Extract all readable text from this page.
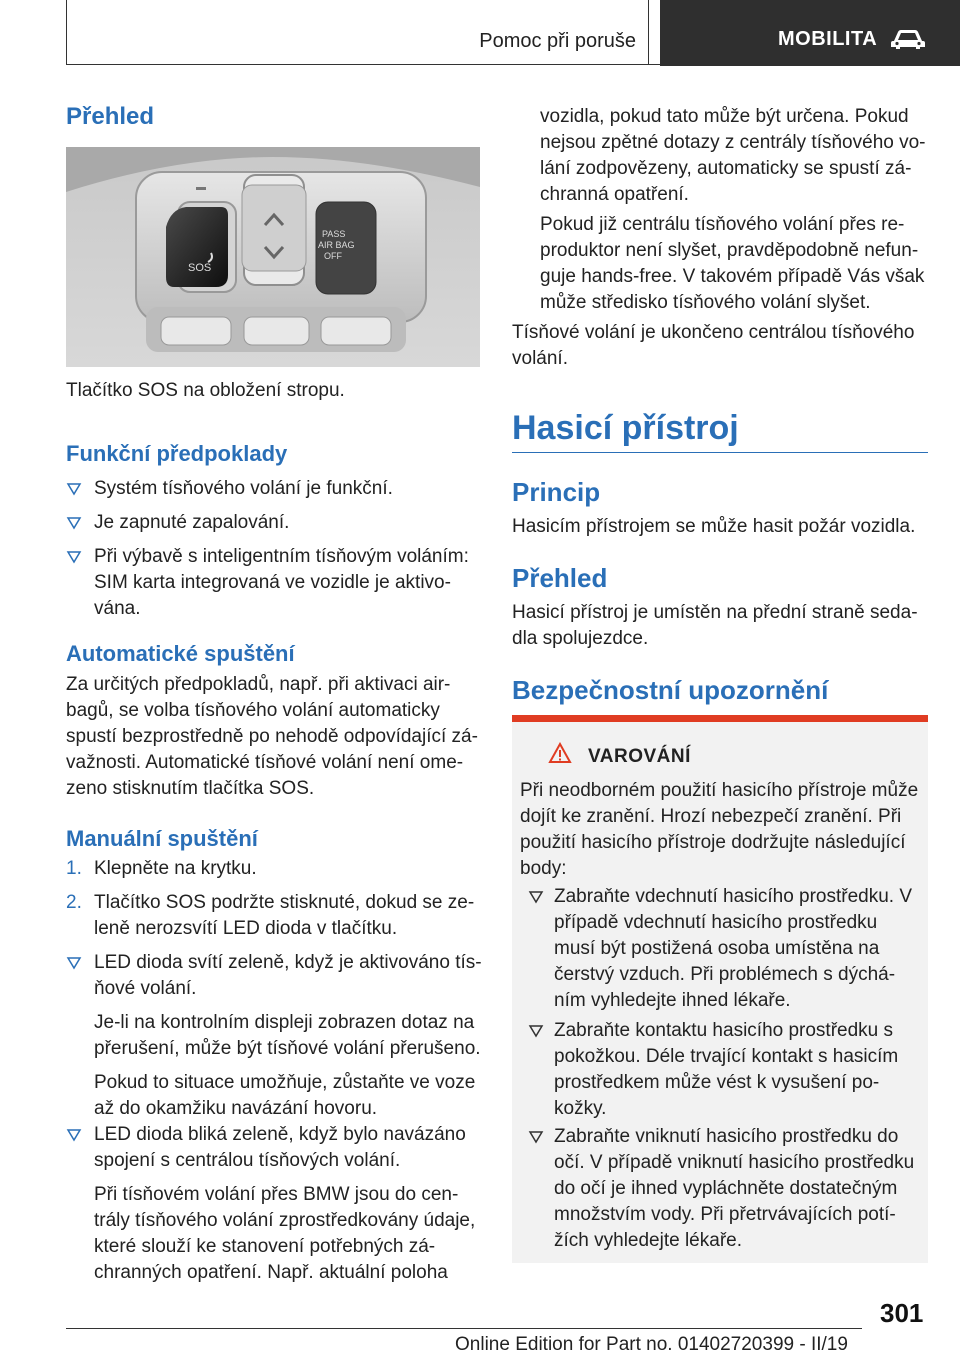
Pomoc při poruše	MOBILITA
Přehled
SOS
PASS
AIR BAG
OFF
Tlačítko SOS na obložení stropu.
Funkční předpoklady
Systém tísňového volání je funkční.
Je zapnuté zapalování.

Při výbavě s inteligentním tísňovým voláním:

SIM karta integrovaná ve vozidle je aktivo‐

vána.

Automatické spuštění

Za určitých předpokladů, např. při aktivaci air‐

bagů, se volba tísňového volání automaticky

spustí bezprostředně po nehodě odpovídající zá‐

važnosti. Automatické tísňové volání není ome‐

zeno stisknutím tlačítka SOS.

Manuální spuštění
1. Klepněte na krytku.
2. Tlačítko SOS podržte stisknuté, dokud se ze‐

leně nerozsvítí LED dioda v tlačítku.

LED dioda svítí zeleně, když je aktivováno tís‐

ňové volání.

Je-li na kontrolním displeji zobrazen dotaz na

přerušení, může být tísňové volání přerušeno.

Pokud to situace umožňuje, zůstaňte ve voze

až do okamžiku navázání hovoru.

LED dioda bliká zeleně, když bylo navázáno

spojení s centrálou tísňových volání.

Při tísňovém volání přes BMW jsou do cen‐

trály tísňového volání zprostředkovány údaje,

které slouží ke stanovení potřebných zá‐

chranných opatření. Např. aktuální poloha

vozidla, pokud tato může být určena. Pokud

nejsou zpětné dotazy z centrály tísňového vo‐

lání zodpovězeny, automaticky se spustí zá‐

chranná opatření.

Pokud již centrálu tísňového volání přes re‐

produktor není slyšet, pravděpodobně nefun‐

guje hands-free. V takovém případě Vás však

může středisko tísňového volání slyšet.

Tísňové volání je ukončeno centrálou tísňového

volání.

Hasicí přístroj
Princip
Hasicím přístrojem se může hasit požár vozidla.
Přehled

Hasicí přístroj je umístěn na přední straně seda‐

dla spolujezdce.

Bezpečnostní upozornění
VAROVÁNÍ

Při neodborném použití hasicího přístroje může

dojít ke zranění. Hrozí nebezpečí zranění. Při

použití hasicího přístroje dodržujte následující

body:

Zabraňte vdechnutí hasicího prostředku. V

případě vdechnutí hasicího prostředku

musí být postižená osoba umístěna na

čerstvý vzduch. Při problémech s dýchá‐

ním vyhledejte ihned lékaře.

Zabraňte kontaktu hasicího prostředku s

pokožkou. Déle trvající kontakt s hasicím

prostředkem může vést k vysušení po‐

kožky.

Zabraňte vniknutí hasicího prostředku do

očí. V případě vniknutí hasicího prostředku

do očí je ihned vypláchněte dostatečným

množstvím vody. Při přetrvávajících potí‐

žích vyhledejte lékaře.

301
Online Edition for Part no. 01402720399 - II/19
